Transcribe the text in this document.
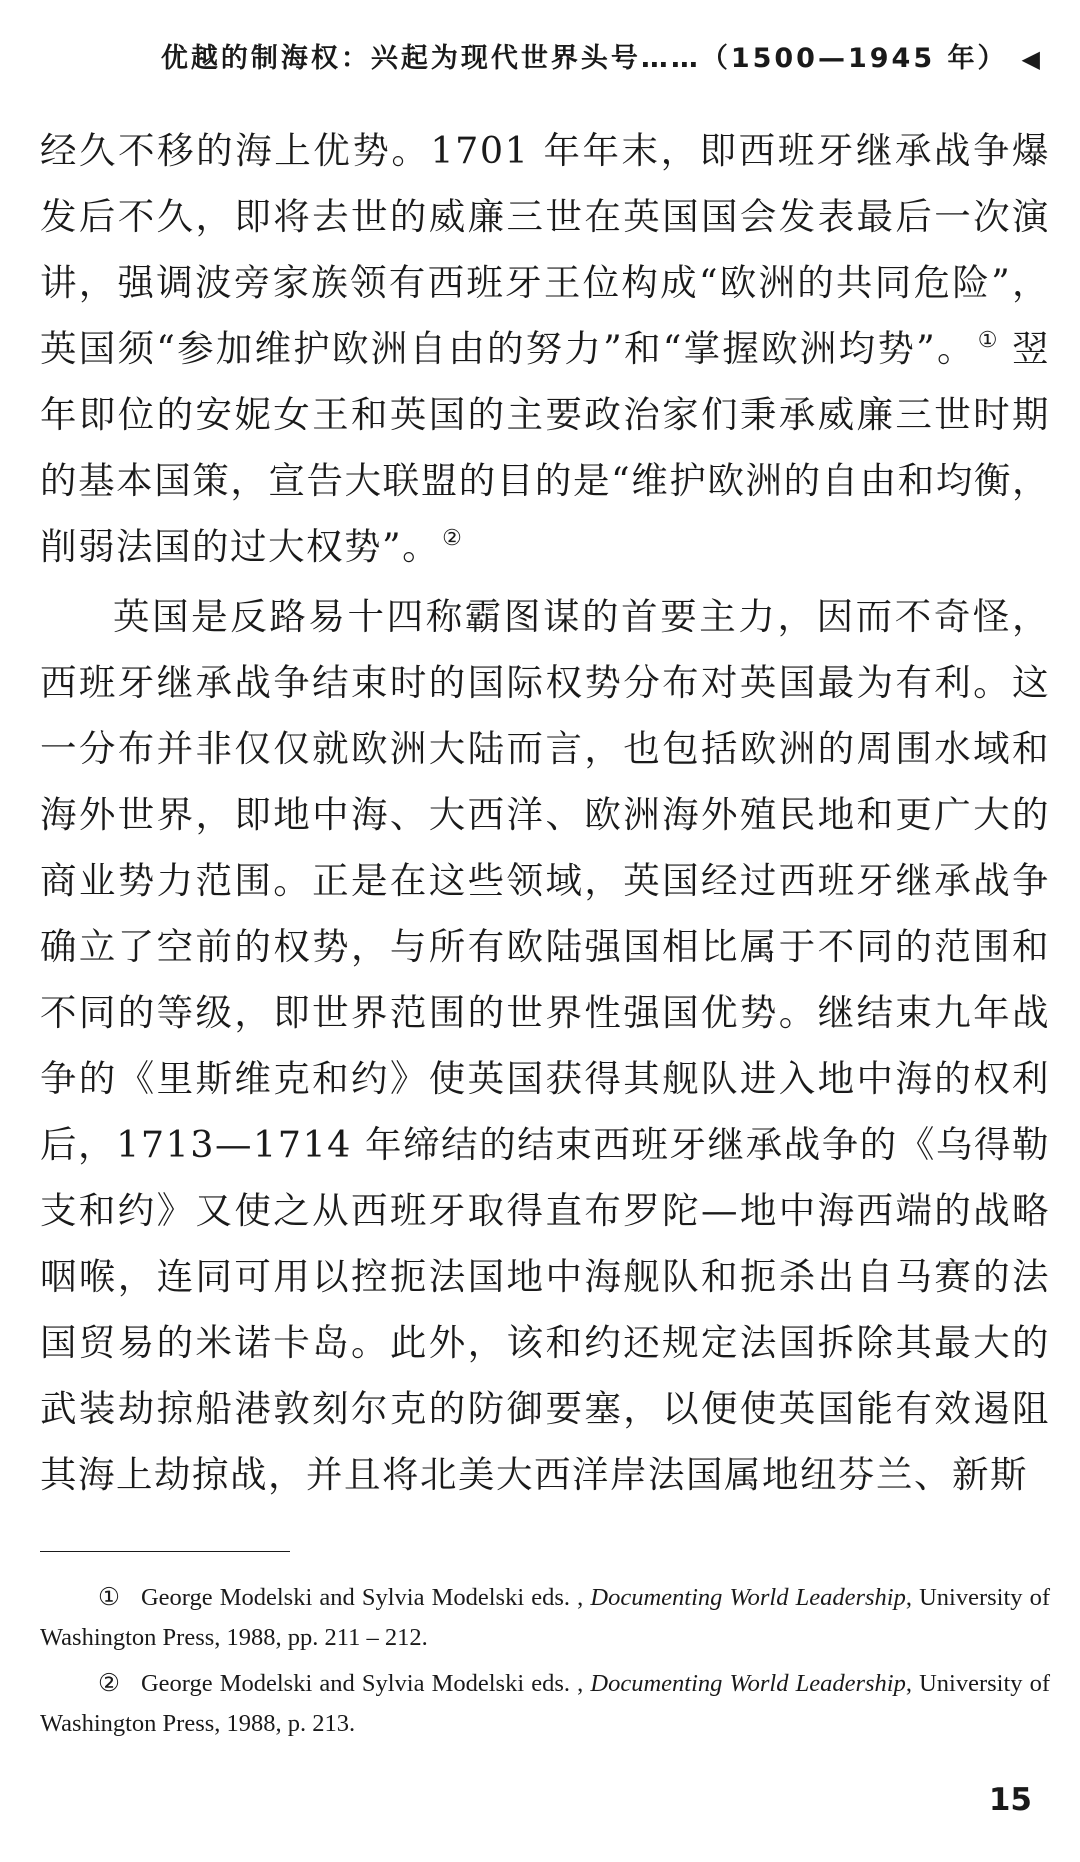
优越的制海权：兴起为现代世界头号……（1500—1945 年） ◀

经久不移的海上优势。1701 年年末，即西班牙继承战争爆发后不久，即将去世的威廉三世在英国国会发表最后一次演讲，强调波旁家族领有西班牙王位构成“欧洲的共同危险”，英国须“参加维护欧洲自由的努力”和“掌握欧洲均势”。① 翌年即位的安妮女王和英国的主要政治家们秉承威廉三世时期的基本国策，宣告大联盟的目的是“维护欧洲的自由和均衡，削弱法国的过大权势”。②

英国是反路易十四称霸图谋的首要主力，因而不奇怪，西班牙继承战争结束时的国际权势分布对英国最为有利。这一分布并非仅仅就欧洲大陆而言，也包括欧洲的周围水域和海外世界，即地中海、大西洋、欧洲海外殖民地和更广大的商业势力范围。正是在这些领域，英国经过西班牙继承战争确立了空前的权势，与所有欧陆强国相比属于不同的范围和不同的等级，即世界范围的世界性强国优势。继结束九年战争的《里斯维克和约》使英国获得其舰队进入地中海的权利后，1713—1714 年缔结的结束西班牙继承战争的《乌得勒支和约》又使之从西班牙取得直布罗陀—地中海西端的战略咽喉，连同可用以控扼法国地中海舰队和扼杀出自马赛的法国贸易的米诺卡岛。此外，该和约还规定法国拆除其最大的武装劫掠船港敦刻尔克的防御要塞，以便使英国能有效遏阻其海上劫掠战，并且将北美大西洋岸法国属地纽芬兰、新斯

① George Modelski and Sylvia Modelski eds. , Documenting World Leadership, University of Washington Press, 1988, pp. 211 – 212.

② George Modelski and Sylvia Modelski eds. , Documenting World Leadership, University of Washington Press, 1988, p. 213.

15
